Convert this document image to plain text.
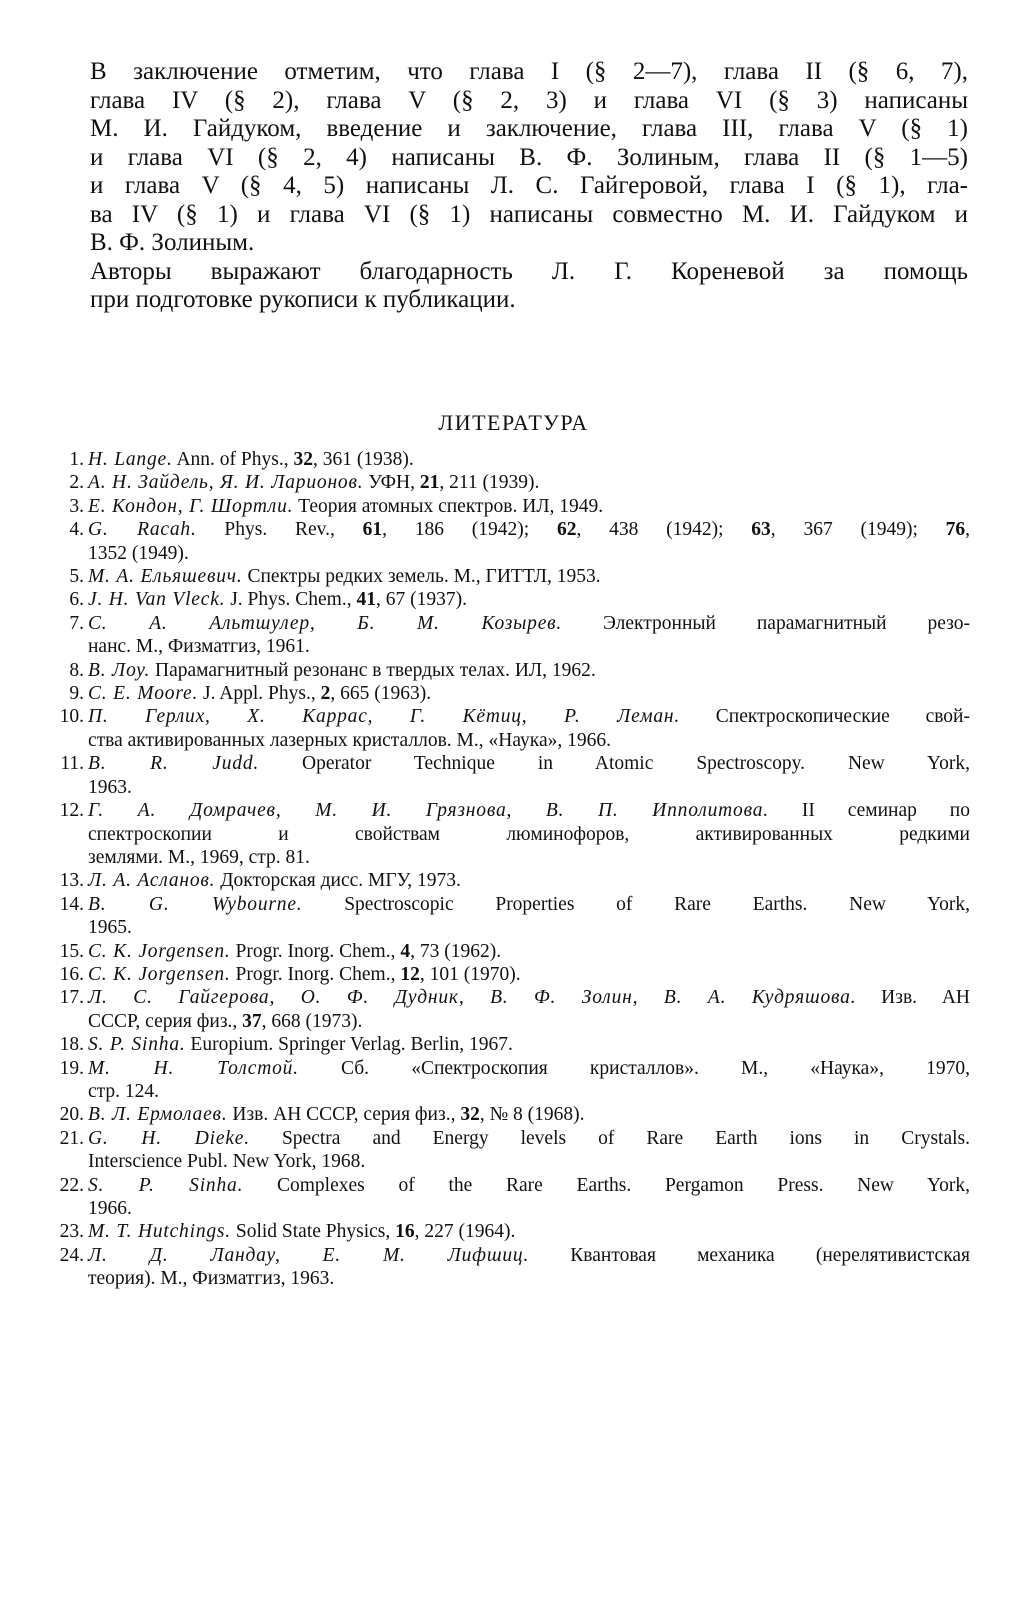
В заключение отметим, что глава I (§ 2—7), глава II (§ 6, 7),
глава IV (§ 2), глава V (§ 2, 3) и глава VI (§ 3) написаны
М. И. Гайдуком, введение и заключение, глава III, глава V (§ 1)
и глава VI (§ 2, 4) написаны В. Ф. Золиным, глава II (§ 1—5)
и глава V (§ 4, 5) написаны Л. С. Гайгеровой, глава I (§ 1), гла-
ва IV (§ 1) и глава VI (§ 1) написаны совместно М. И. Гайдуком и
В. Ф. Золиным.

Авторы выражают благодарность Л. Г. Кореневой за помощь
при подготовке рукописи к публикации.

ЛИТЕРАТУРА
1. H. Lange. Ann. of Phys., 32, 361 (1938).
2. А. Н. Зайдель, Я. И. Ларионов. УФН, 21, 211 (1939).
3. Е. Кондон, Г. Шортли. Теория атомных спектров. ИЛ, 1949.
4. G. Racah. Phys. Rev., 61, 186 (1942); 62, 438 (1942); 63, 367 (1949); 76,
1352 (1949).
5. М. А. Ельяшевич. Спектры редких земель. М., ГИТТЛ, 1953.
6. J. H. Van Vleck. J. Phys. Chem., 41, 67 (1937).
7. С. А. Альтшулер, Б. М. Козырев. Электронный парамагнитный резо-
нанс. М., Физматгиз, 1961.
8. В. Лоу. Парамагнитный резонанс в твердых телах. ИЛ, 1962.
9. С. Е. Moore. J. Appl. Phys., 2, 665 (1963).
10. П. Герлих, Х. Каррас, Г. Кётиц, Р. Леман. Спектроскопические свой-
ства активированных лазерных кристаллов. М., «Наука», 1966.
11. B. R. Judd. Operator Technique in Atomic Spectroscopy. New York,
1963.
12. Г. А. Домрачев, М. И. Грязнова, В. П. Ипполитова. II семинар по
спектроскопии и свойствам люминофоров, активированных редкими
землями. М., 1969, стр. 81.
13. Л. А. Асланов. Докторская дисс. МГУ, 1973.
14. B. G. Wybourne. Spectroscopic Properties of Rare Earths. New York,
1965.
15. C. K. Jorgensen. Progr. Inorg. Chem., 4, 73 (1962).
16. C. K. Jorgensen. Progr. Inorg. Chem., 12, 101 (1970).
17. Л. С. Гайгерова, О. Ф. Дудник, В. Ф. Золин, В. А. Кудряшова. Изв. АН
СССР, серия физ., 37, 668 (1973).
18. S. P. Sinha. Europium. Springer Verlag. Berlin, 1967.
19. М. Н. Толстой. Сб. «Спектроскопия кристаллов». М., «Наука», 1970,
стр. 124.
20. В. Л. Ермолаев. Изв. АН СССР, серия физ., 32, № 8 (1968).
21. G. H. Dieke. Spectra and Energy levels of Rare Earth ions in Crystals.
Interscience Publ. New York, 1968.
22. S. P. Sinha. Complexes of the Rare Earths. Pergamon Press. New York,
1966.
23. M. T. Hutchings. Solid State Physics, 16, 227 (1964).
24. Л. Д. Ландау, Е. М. Лифшиц. Квантовая механика (нерелятивистская
теория). М., Физматгиз, 1963.
